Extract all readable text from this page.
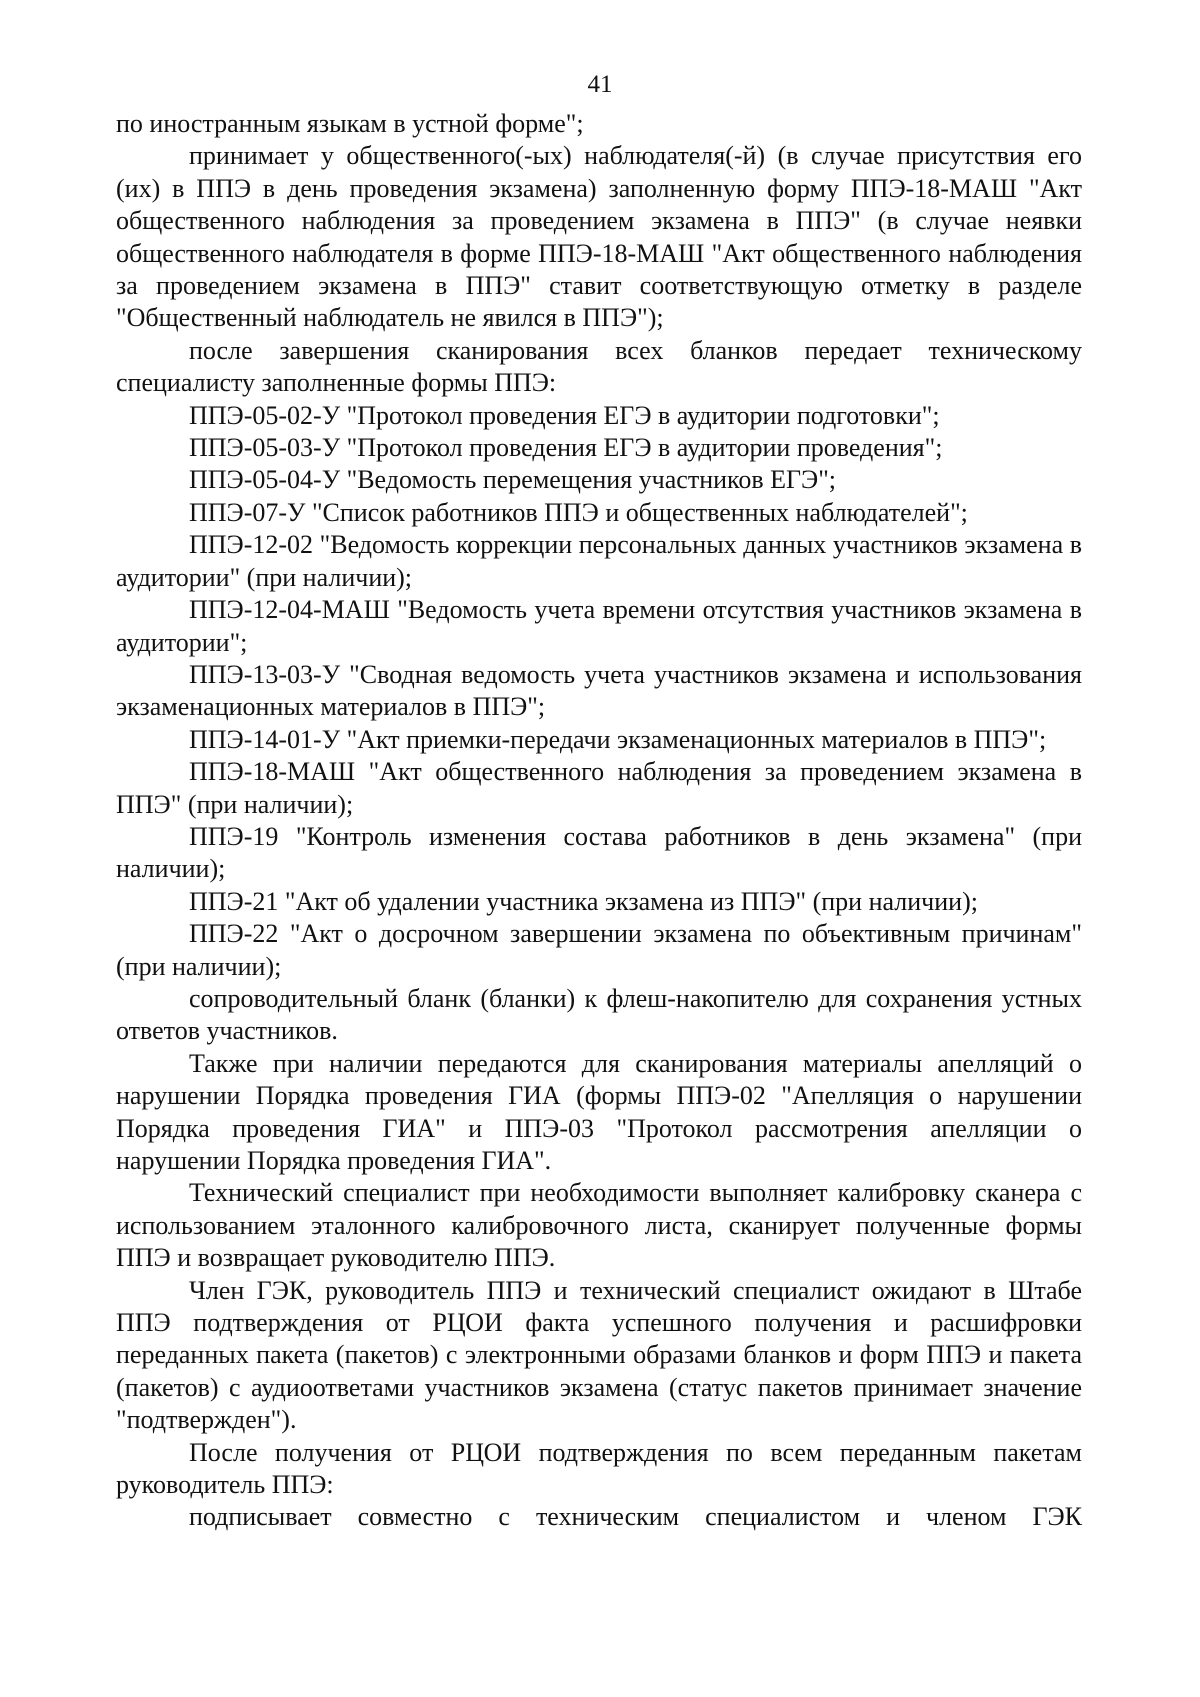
41

по иностранным языкам в устной форме";

принимает у общественного(-ых) наблюдателя(-й) (в случае присутствия его (их) в ППЭ в день проведения экзамена) заполненную форму ППЭ-18-МАШ "Акт общественного наблюдения за проведением экзамена в ППЭ" (в случае неявки общественного наблюдателя в форме ППЭ-18-МАШ "Акт общественного наблюдения за проведением экзамена в ППЭ" ставит соответствующую отметку в разделе "Общественный наблюдатель не явился в ППЭ");

после завершения сканирования всех бланков передает техническому специалисту заполненные формы ППЭ:

ППЭ-05-02-У "Протокол проведения ЕГЭ в аудитории подготовки";

ППЭ-05-03-У "Протокол проведения ЕГЭ в аудитории проведения";

ППЭ-05-04-У "Ведомость перемещения участников ЕГЭ";

ППЭ-07-У "Список работников ППЭ и общественных наблюдателей";

ППЭ-12-02 "Ведомость коррекции персональных данных участников экзамена в аудитории" (при наличии);

ППЭ-12-04-МАШ "Ведомость учета времени отсутствия участников экзамена в аудитории";

ППЭ-13-03-У "Сводная ведомость учета участников экзамена и использования экзаменационных материалов в ППЭ";

ППЭ-14-01-У "Акт приемки-передачи экзаменационных материалов в ППЭ";

ППЭ-18-МАШ "Акт общественного наблюдения за проведением экзамена в ППЭ" (при наличии);

ППЭ-19 "Контроль изменения состава работников в день экзамена" (при наличии);

ППЭ-21 "Акт об удалении участника экзамена из ППЭ" (при наличии);

ППЭ-22 "Акт о досрочном завершении экзамена по объективным причинам" (при наличии);

сопроводительный бланк (бланки) к флеш-накопителю для сохранения устных ответов участников.

Также при наличии передаются для сканирования материалы апелляций о нарушении Порядка проведения ГИА (формы ППЭ-02 "Апелляция о нарушении Порядка проведения ГИА" и ППЭ-03 "Протокол рассмотрения апелляции о нарушении Порядка проведения ГИА".

Технический специалист при необходимости выполняет калибровку сканера с использованием эталонного калибровочного листа, сканирует полученные формы ППЭ и возвращает руководителю ППЭ.

Член ГЭК, руководитель ППЭ и технический специалист ожидают в Штабе ППЭ подтверждения от РЦОИ факта успешного получения и расшифровки переданных пакета (пакетов) с электронными образами бланков и форм ППЭ и пакета (пакетов) с аудиоответами участников экзамена (статус пакетов принимает значение "подтвержден").

После получения от РЦОИ подтверждения по всем переданным пакетам руководитель ППЭ:

подписывает совместно с техническим специалистом и членом ГЭК
